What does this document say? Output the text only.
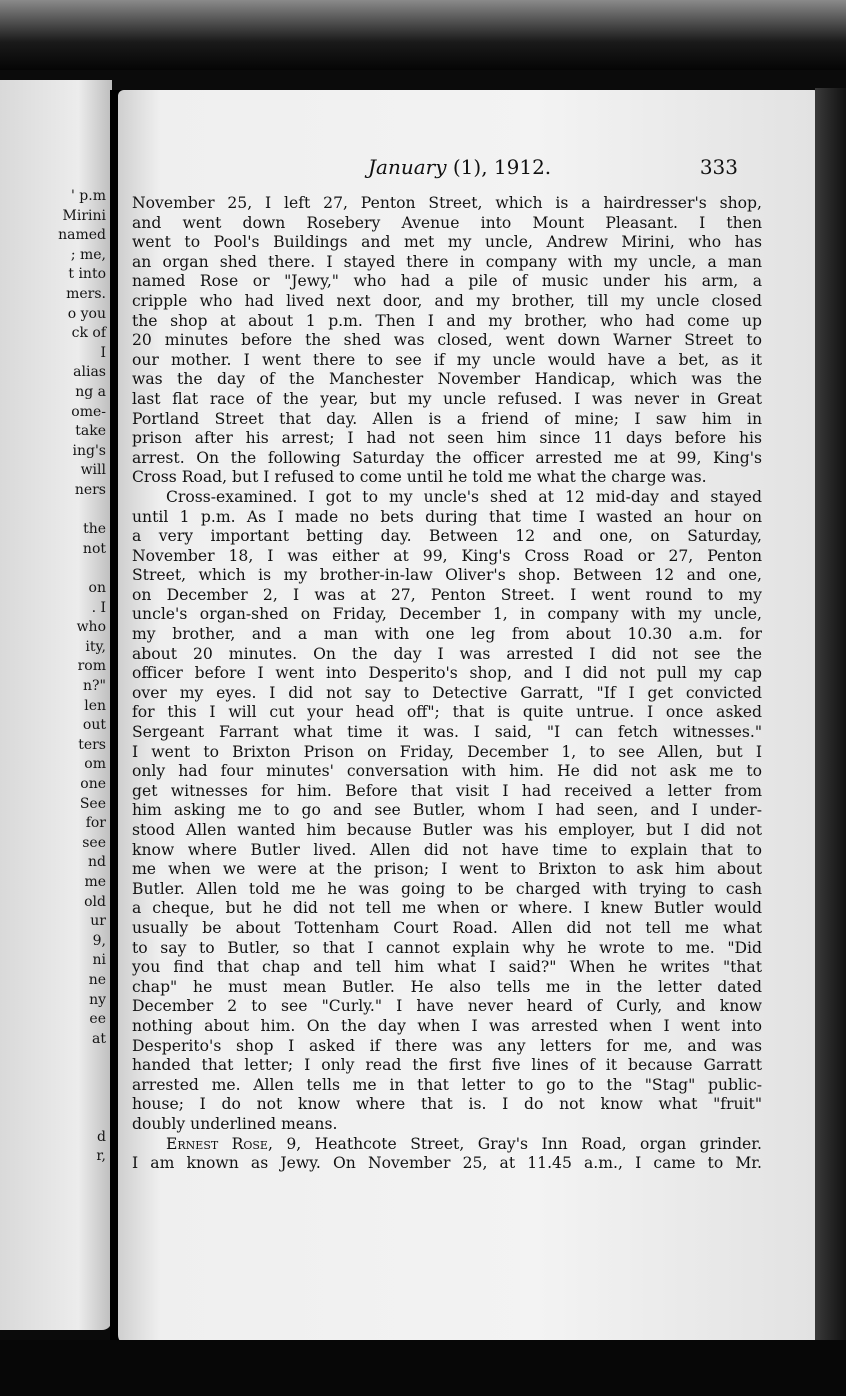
' p.m
Mirini
named
; me,
t into
mers.
o you
ck of
I
alias
ng a
ome-
take
ing's
will
ners
the
not
on
. I
who
ity,
rom
n?"
len
out
ters
om
one
See
for
see
nd
me
old
ur
9,
ni
ne
ny
ee
at
d
r,
January (1), 1912.	333
November 25, I left 27, Penton Street, which is a hairdresser's shop,
and went down Rosebery Avenue into Mount Pleasant. I then
went to Pool's Buildings and met my uncle, Andrew Mirini, who has
an organ shed there. I stayed there in company with my uncle, a man
named Rose or "Jewy," who had a pile of music under his arm, a
cripple who had lived next door, and my brother, till my uncle closed
the shop at about 1 p.m. Then I and my brother, who had come up
20 minutes before the shed was closed, went down Warner Street to
our mother. I went there to see if my uncle would have a bet, as it
was the day of the Manchester November Handicap, which was the
last flat race of the year, but my uncle refused. I was never in Great
Portland Street that day. Allen is a friend of mine; I saw him in
prison after his arrest; I had not seen him since 11 days before his
arrest. On the following Saturday the officer arrested me at 99, King's
Cross Road, but I refused to come until he told me what the charge was.
Cross-examined. I got to my uncle's shed at 12 mid-day and stayed
until 1 p.m. As I made no bets during that time I wasted an hour on
a very important betting day. Between 12 and one, on Saturday,
November 18, I was either at 99, King's Cross Road or 27, Penton
Street, which is my brother-in-law Oliver's shop. Between 12 and one,
on December 2, I was at 27, Penton Street. I went round to my
uncle's organ-shed on Friday, December 1, in company with my uncle,
my brother, and a man with one leg from about 10.30 a.m. for
about 20 minutes. On the day I was arrested I did not see the
officer before I went into Desperito's shop, and I did not pull my cap
over my eyes. I did not say to Detective Garratt, "If I get convicted
for this I will cut your head off"; that is quite untrue. I once asked
Sergeant Farrant what time it was. I said, "I can fetch witnesses."
I went to Brixton Prison on Friday, December 1, to see Allen, but I
only had four minutes' conversation with him. He did not ask me to
get witnesses for him. Before that visit I had received a letter from
him asking me to go and see Butler, whom I had seen, and I under-
stood Allen wanted him because Butler was his employer, but I did not
know where Butler lived. Allen did not have time to explain that to
me when we were at the prison; I went to Brixton to ask him about
Butler. Allen told me he was going to be charged with trying to cash
a cheque, but he did not tell me when or where. I knew Butler would
usually be about Tottenham Court Road. Allen did not tell me what
to say to Butler, so that I cannot explain why he wrote to me. "Did
you find that chap and tell him what I said?" When he writes "that
chap" he must mean Butler. He also tells me in the letter dated
December 2 to see "Curly." I have never heard of Curly, and know
nothing about him. On the day when I was arrested when I went into
Desperito's shop I asked if there was any letters for me, and was
handed that letter; I only read the first five lines of it because Garratt
arrested me. Allen tells me in that letter to go to the "Stag" public-
house; I do not know where that is. I do not know what "fruit"
doubly underlined means.
Ernest Rose, 9, Heathcote Street, Gray's Inn Road, organ grinder.
I am known as Jewy. On November 25, at 11.45 a.m., I came to Mr.
